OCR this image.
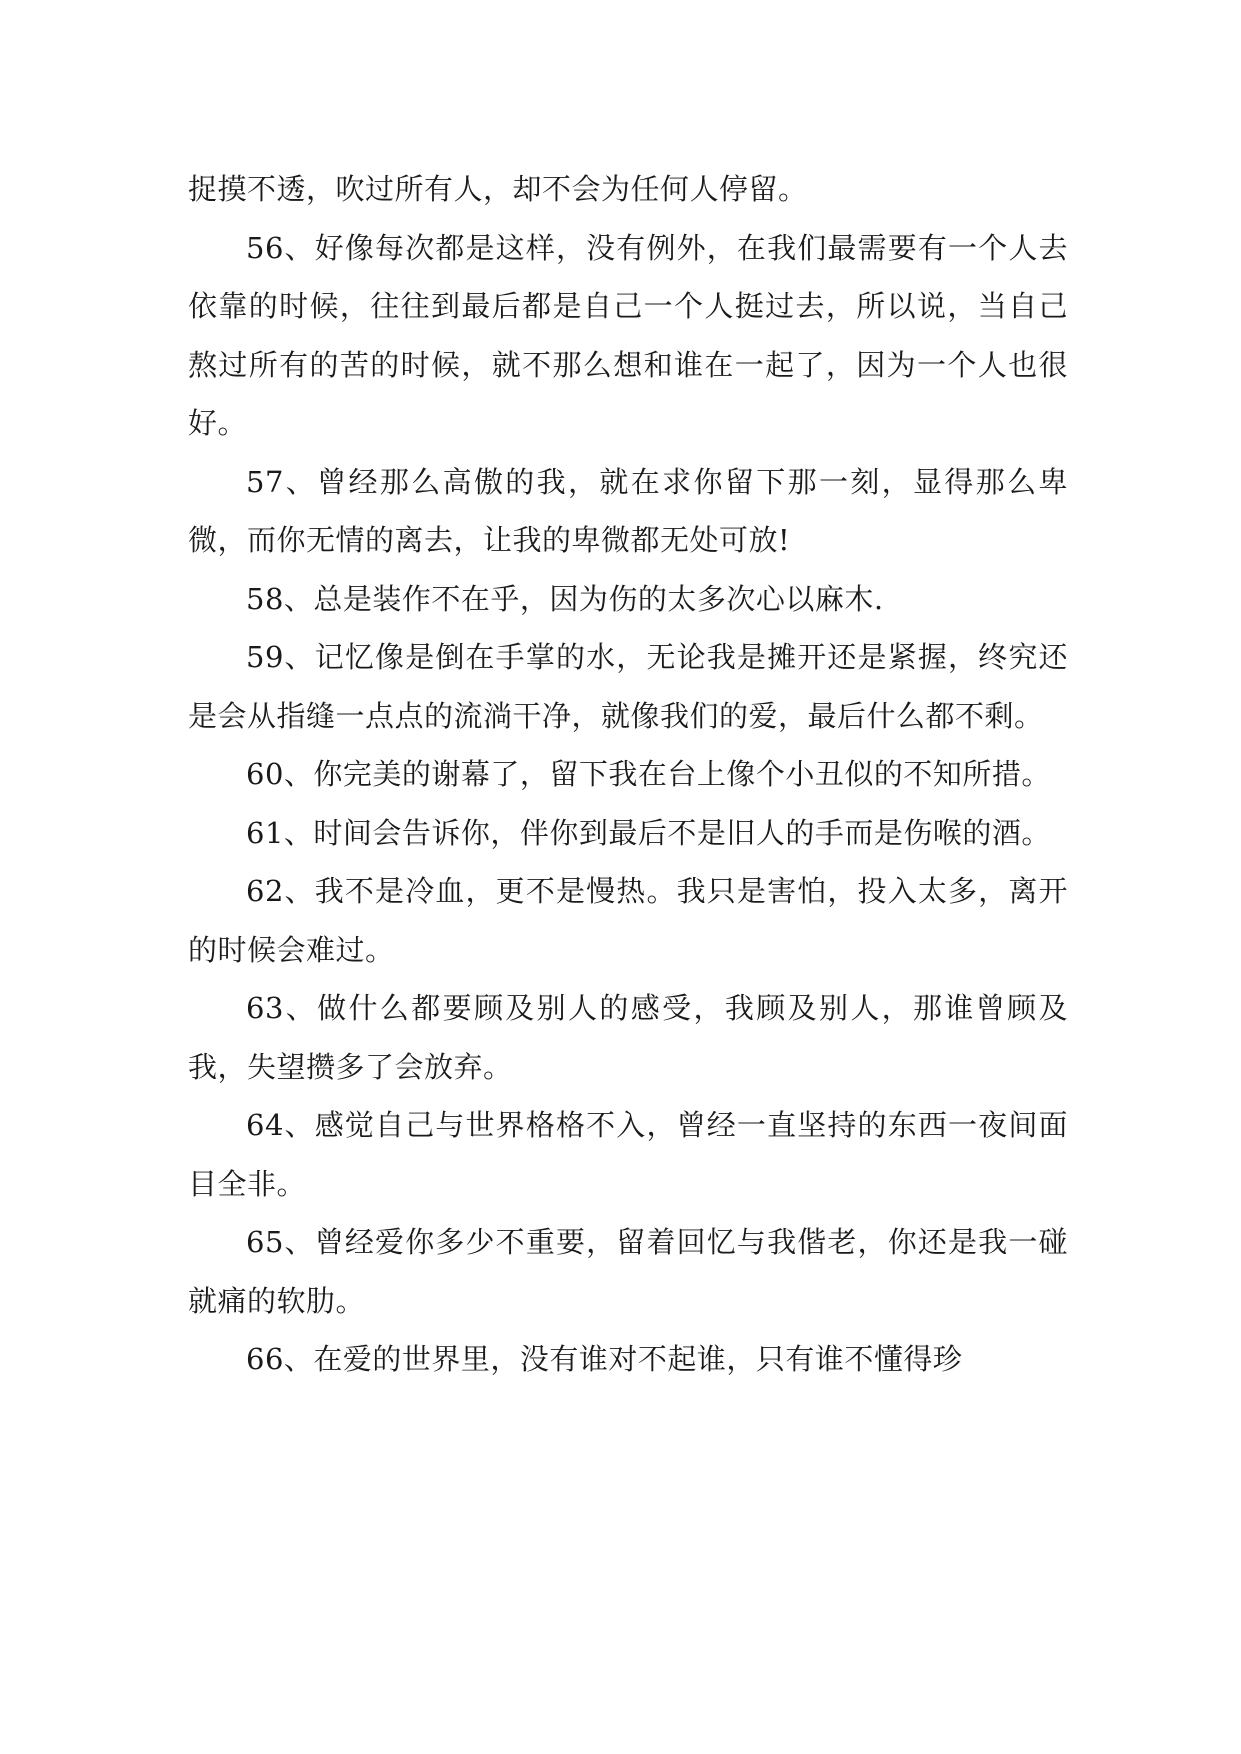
捉摸不透，吹过所有人，却不会为任何人停留。

56、好像每次都是这样，没有例外，在我们最需要有一个人去依靠的时候，往往到最后都是自己一个人挺过去，所以说，当自己熬过所有的苦的时候，就不那么想和谁在一起了，因为一个人也很好。

57、曾经那么高傲的我，就在求你留下那一刻，显得那么卑微，而你无情的离去，让我的卑微都无处可放!

58、总是装作不在乎，因为伤的太多次心以麻木.

59、记忆像是倒在手掌的水，无论我是摊开还是紧握，终究还是会从指缝一点点的流淌干净，就像我们的爱，最后什么都不剩。

60、你完美的谢幕了，留下我在台上像个小丑似的不知所措。

61、时间会告诉你，伴你到最后不是旧人的手而是伤喉的酒。

62、我不是冷血，更不是慢热。我只是害怕，投入太多，离开的时候会难过。

63、做什么都要顾及别人的感受，我顾及别人，那谁曾顾及我，失望攒多了会放弃。

64、感觉自己与世界格格不入，曾经一直坚持的东西一夜间面目全非。

65、曾经爱你多少不重要，留着回忆与我偕老，你还是我一碰就痛的软肋。

66、在爱的世界里，没有谁对不起谁，只有谁不懂得珍
